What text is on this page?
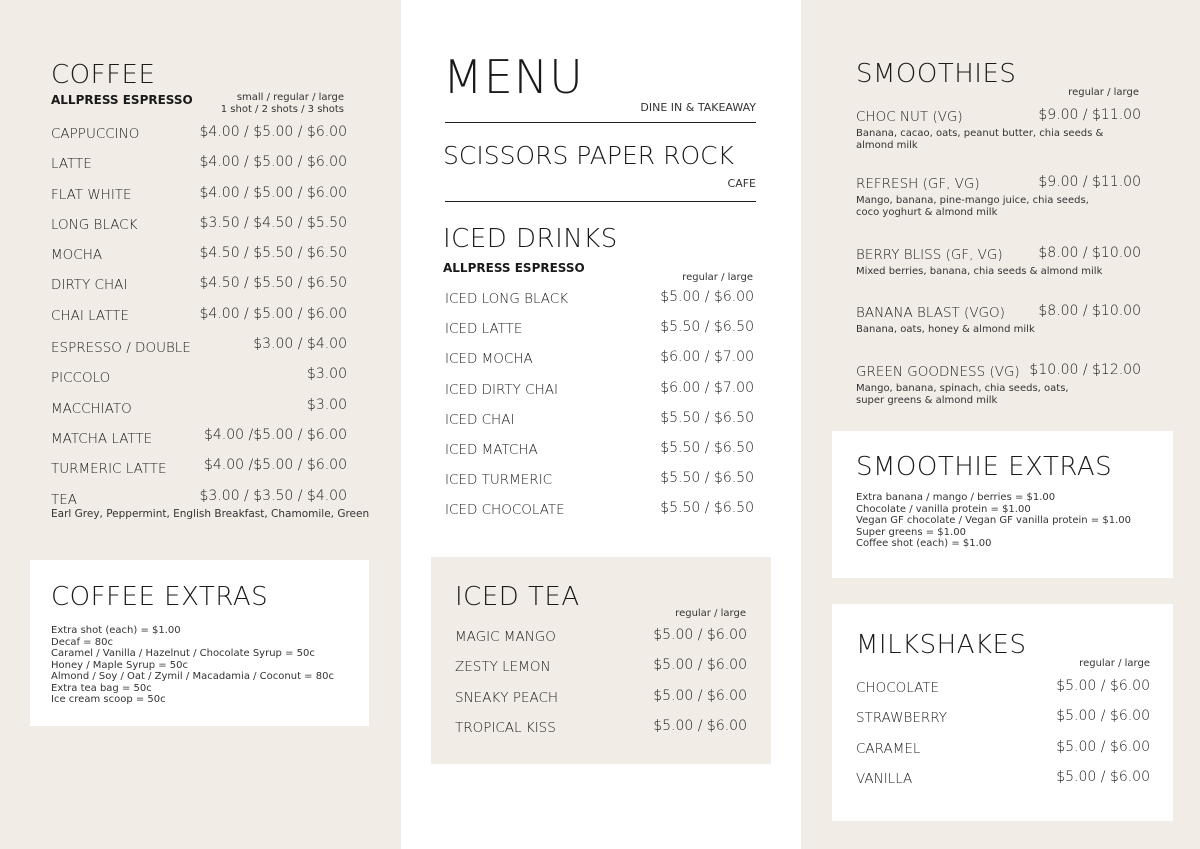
COFFEE
ALLPRESS ESPRESSO	small / regular / large
1 shot / 2 shots / 3 shots
CAPPUCCINO	$4.00 / $5.00 / $6.00
LATTE	$4.00 / $5.00 / $6.00
FLAT WHITE	$4.00 / $5.00 / $6.00
LONG BLACK	$3.50 / $4.50 / $5.50
MOCHA	$4.50 / $5.50 / $6.50
DIRTY CHAI	$4.50 / $5.50 / $6.50
CHAI LATTE	$4.00 / $5.00 / $6.00
ESPRESSO / DOUBLE	$3.00 / $4.00
PICCOLO	$3.00
MACCHIATO	$3.00
MATCHA LATTE	$4.00 /$5.00 / $6.00
TURMERIC LATTE	$4.00 /$5.00 / $6.00
TEA	$3.00 / $3.50 / $4.00
Earl Grey, Peppermint, English Breakfast, Chamomile, Green
COFFEE EXTRAS
Extra shot (each) = $1.00
Decaf = 80c
Caramel / Vanilla / Hazelnut / Chocolate Syrup = 50c
Honey / Maple Syrup = 50c
Almond / Soy / Oat / Zymil / Macadamia / Coconut = 80c
Extra tea bag = 50c
Ice cream scoop = 50c
MENU
DINE IN & TAKEAWAY
SCISSORS PAPER ROCK
CAFE
ICED DRINKS
ALLPRESS ESPRESSO
regular / large
ICED LONG BLACK	$5.00 / $6.00
ICED LATTE	$5.50 / $6.50
ICED MOCHA	$6.00 / $7.00
ICED DIRTY CHAI	$6.00 / $7.00
ICED CHAI	$5.50 / $6.50
ICED MATCHA	$5.50 / $6.50
ICED TURMERIC	$5.50 / $6.50
ICED CHOCOLATE	$5.50 / $6.50
ICED TEA
regular / large
MAGIC MANGO	$5.00 / $6.00
ZESTY LEMON	$5.00 / $6.00
SNEAKY PEACH	$5.00 / $6.00
TROPICAL KISS	$5.00 / $6.00
SMOOTHIES
regular / large
CHOC NUT (VG)	$9.00 / $11.00
Banana, cacao, oats, peanut butter, chia seeds & almond milk
REFRESH (GF, VG)	$9.00 / $11.00
Mango, banana, pine-mango juice, chia seeds, coco yoghurt & almond milk
BERRY BLISS (GF, VG)	$8.00 / $10.00
Mixed berries, banana, chia seeds & almond milk
BANANA BLAST (VGO) $8.00 / $10.00
Banana, oats, honey & almond milk
GREEN GOODNESS (VG) $10.00 / $12.00
Mango, banana, spinach, chia seeds, oats, super greens & almond milk
SMOOTHIE EXTRAS
Extra banana / mango / berries = $1.00
Chocolate / vanilla protein = $1.00
Vegan GF chocolate / Vegan GF vanilla protein = $1.00
Super greens = $1.00
Coffee shot (each) = $1.00
MILKSHAKES
regular / large
CHOCOLATE	$5.00 / $6.00
STRAWBERRY	$5.00 / $6.00
CARAMEL	$5.00 / $6.00
VANILLA	$5.00 / $6.00
